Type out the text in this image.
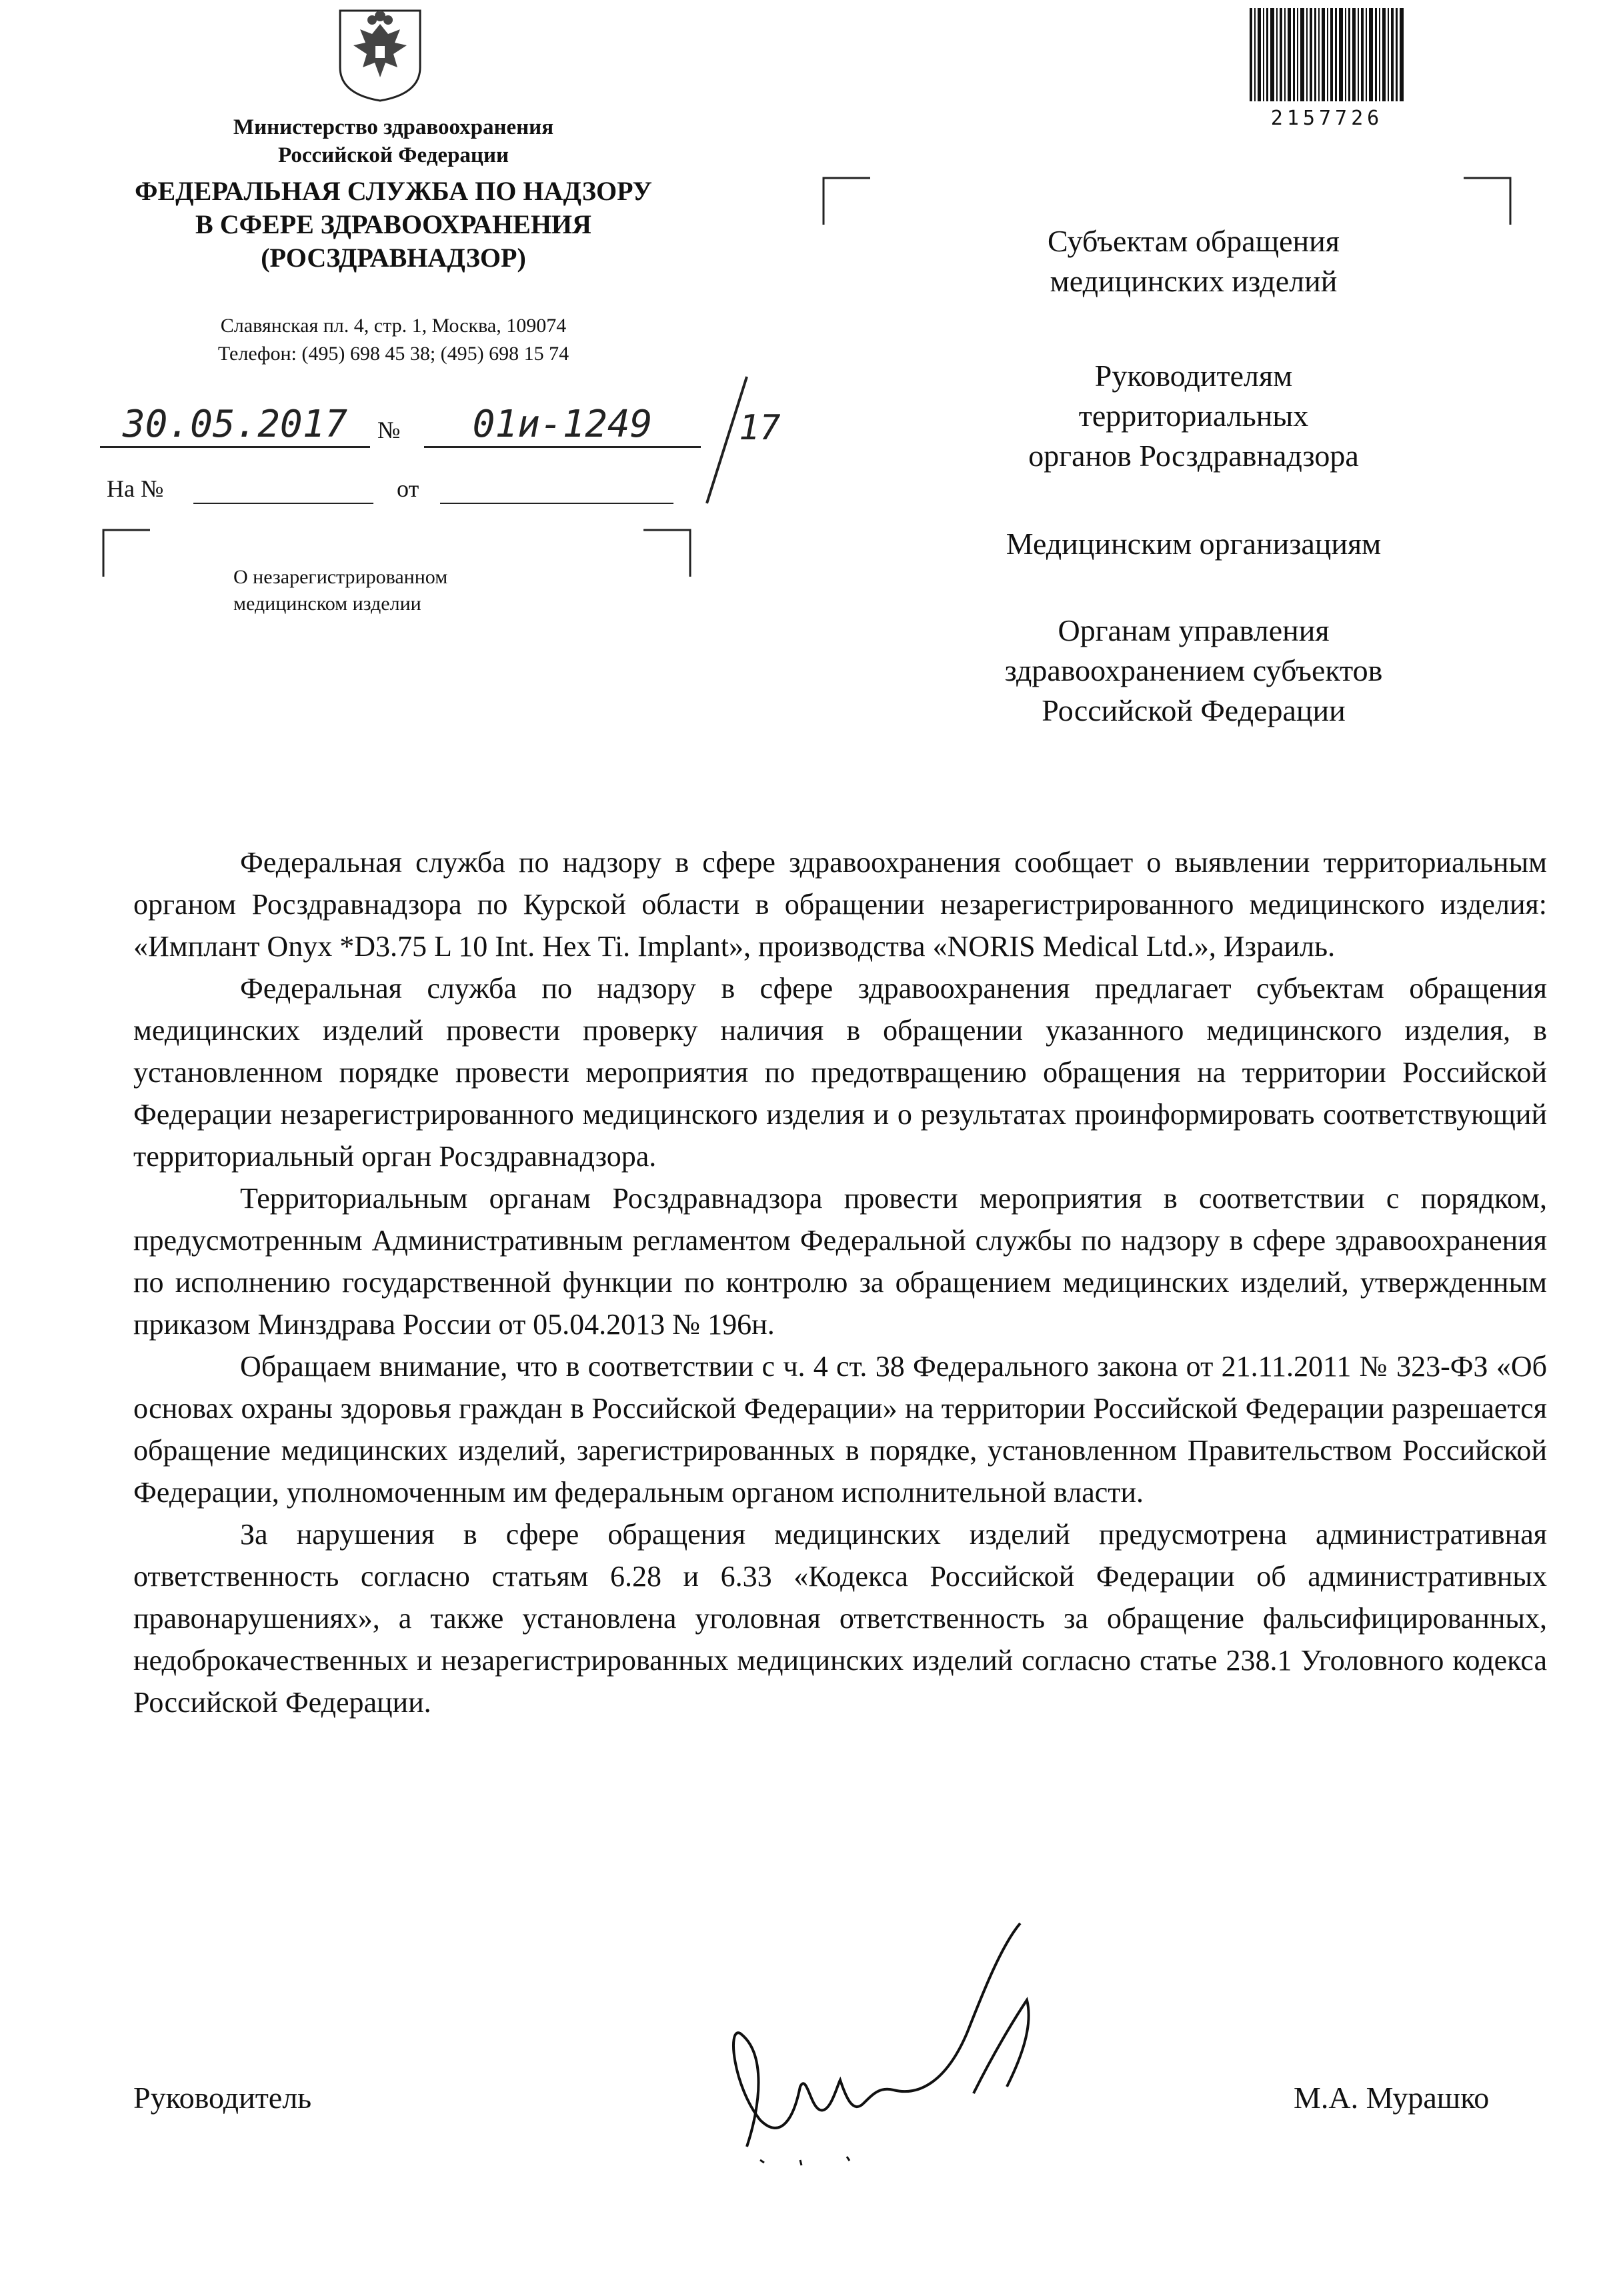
Министерство здравоохранения
Российской Федерации
ФЕДЕРАЛЬНАЯ СЛУЖБА ПО НАДЗОРУ
В СФЕРЕ ЗДРАВООХРАНЕНИЯ
(РОСЗДРАВНАДЗОР)
Славянская пл. 4, стр. 1, Москва, 109074
Телефон: (495) 698 45 38; (495) 698 15 74
30.05.2017	№	01и-1249	17
На №	от
О незарегистрированном
медицинском изделии
2157726
Субъектам обращения
медицинских изделий
Руководителям
территориальных
органов Росздравнадзора
Медицинским организациям
Органам управления
здравоохранением субъектов
Российской Федерации

Федеральная служба по надзору в сфере здравоохранения сообщает о выявлении территориальным органом Росздравнадзора по Курской области в обращении незарегистрированного медицинского изделия: «Имплант Onyx *D3.75 L 10 Int. Hex Ti. Implant», производства «NORIS Medical Ltd.», Израиль.

Федеральная служба по надзору в сфере здравоохранения предлагает субъектам обращения медицинских изделий провести проверку наличия в обращении указанного медицинского изделия, в установленном порядке провести мероприятия по предотвращению обращения на территории Российской Федерации незарегистрированного медицинского изделия и о результатах проинформировать соответствующий территориальный орган Росздравнадзора.

Территориальным органам Росздравнадзора провести мероприятия в соответствии с порядком, предусмотренным Административным регламентом Федеральной службы по надзору в сфере здравоохранения по исполнению государственной функции по контролю за обращением медицинских изделий, утвержденным приказом Минздрава России от 05.04.2013 № 196н.

Обращаем внимание, что в соответствии с ч. 4 ст. 38 Федерального закона от 21.11.2011 № 323-ФЗ «Об основах охраны здоровья граждан в Российской Федерации» на территории Российской Федерации разрешается обращение медицинских изделий, зарегистрированных в порядке, установленном Правительством Российской Федерации, уполномоченным им федеральным органом исполнительной власти.

За нарушения в сфере обращения медицинских изделий предусмотрена административная ответственность согласно статьям 6.28 и 6.33 «Кодекса Российской Федерации об административных правонарушениях», а также установлена уголовная ответственность за обращение фальсифицированных, недоброкачественных и незарегистрированных медицинских изделий согласно статье 238.1 Уголовного кодекса Российской Федерации.

Руководитель	М.А. Мурашко
